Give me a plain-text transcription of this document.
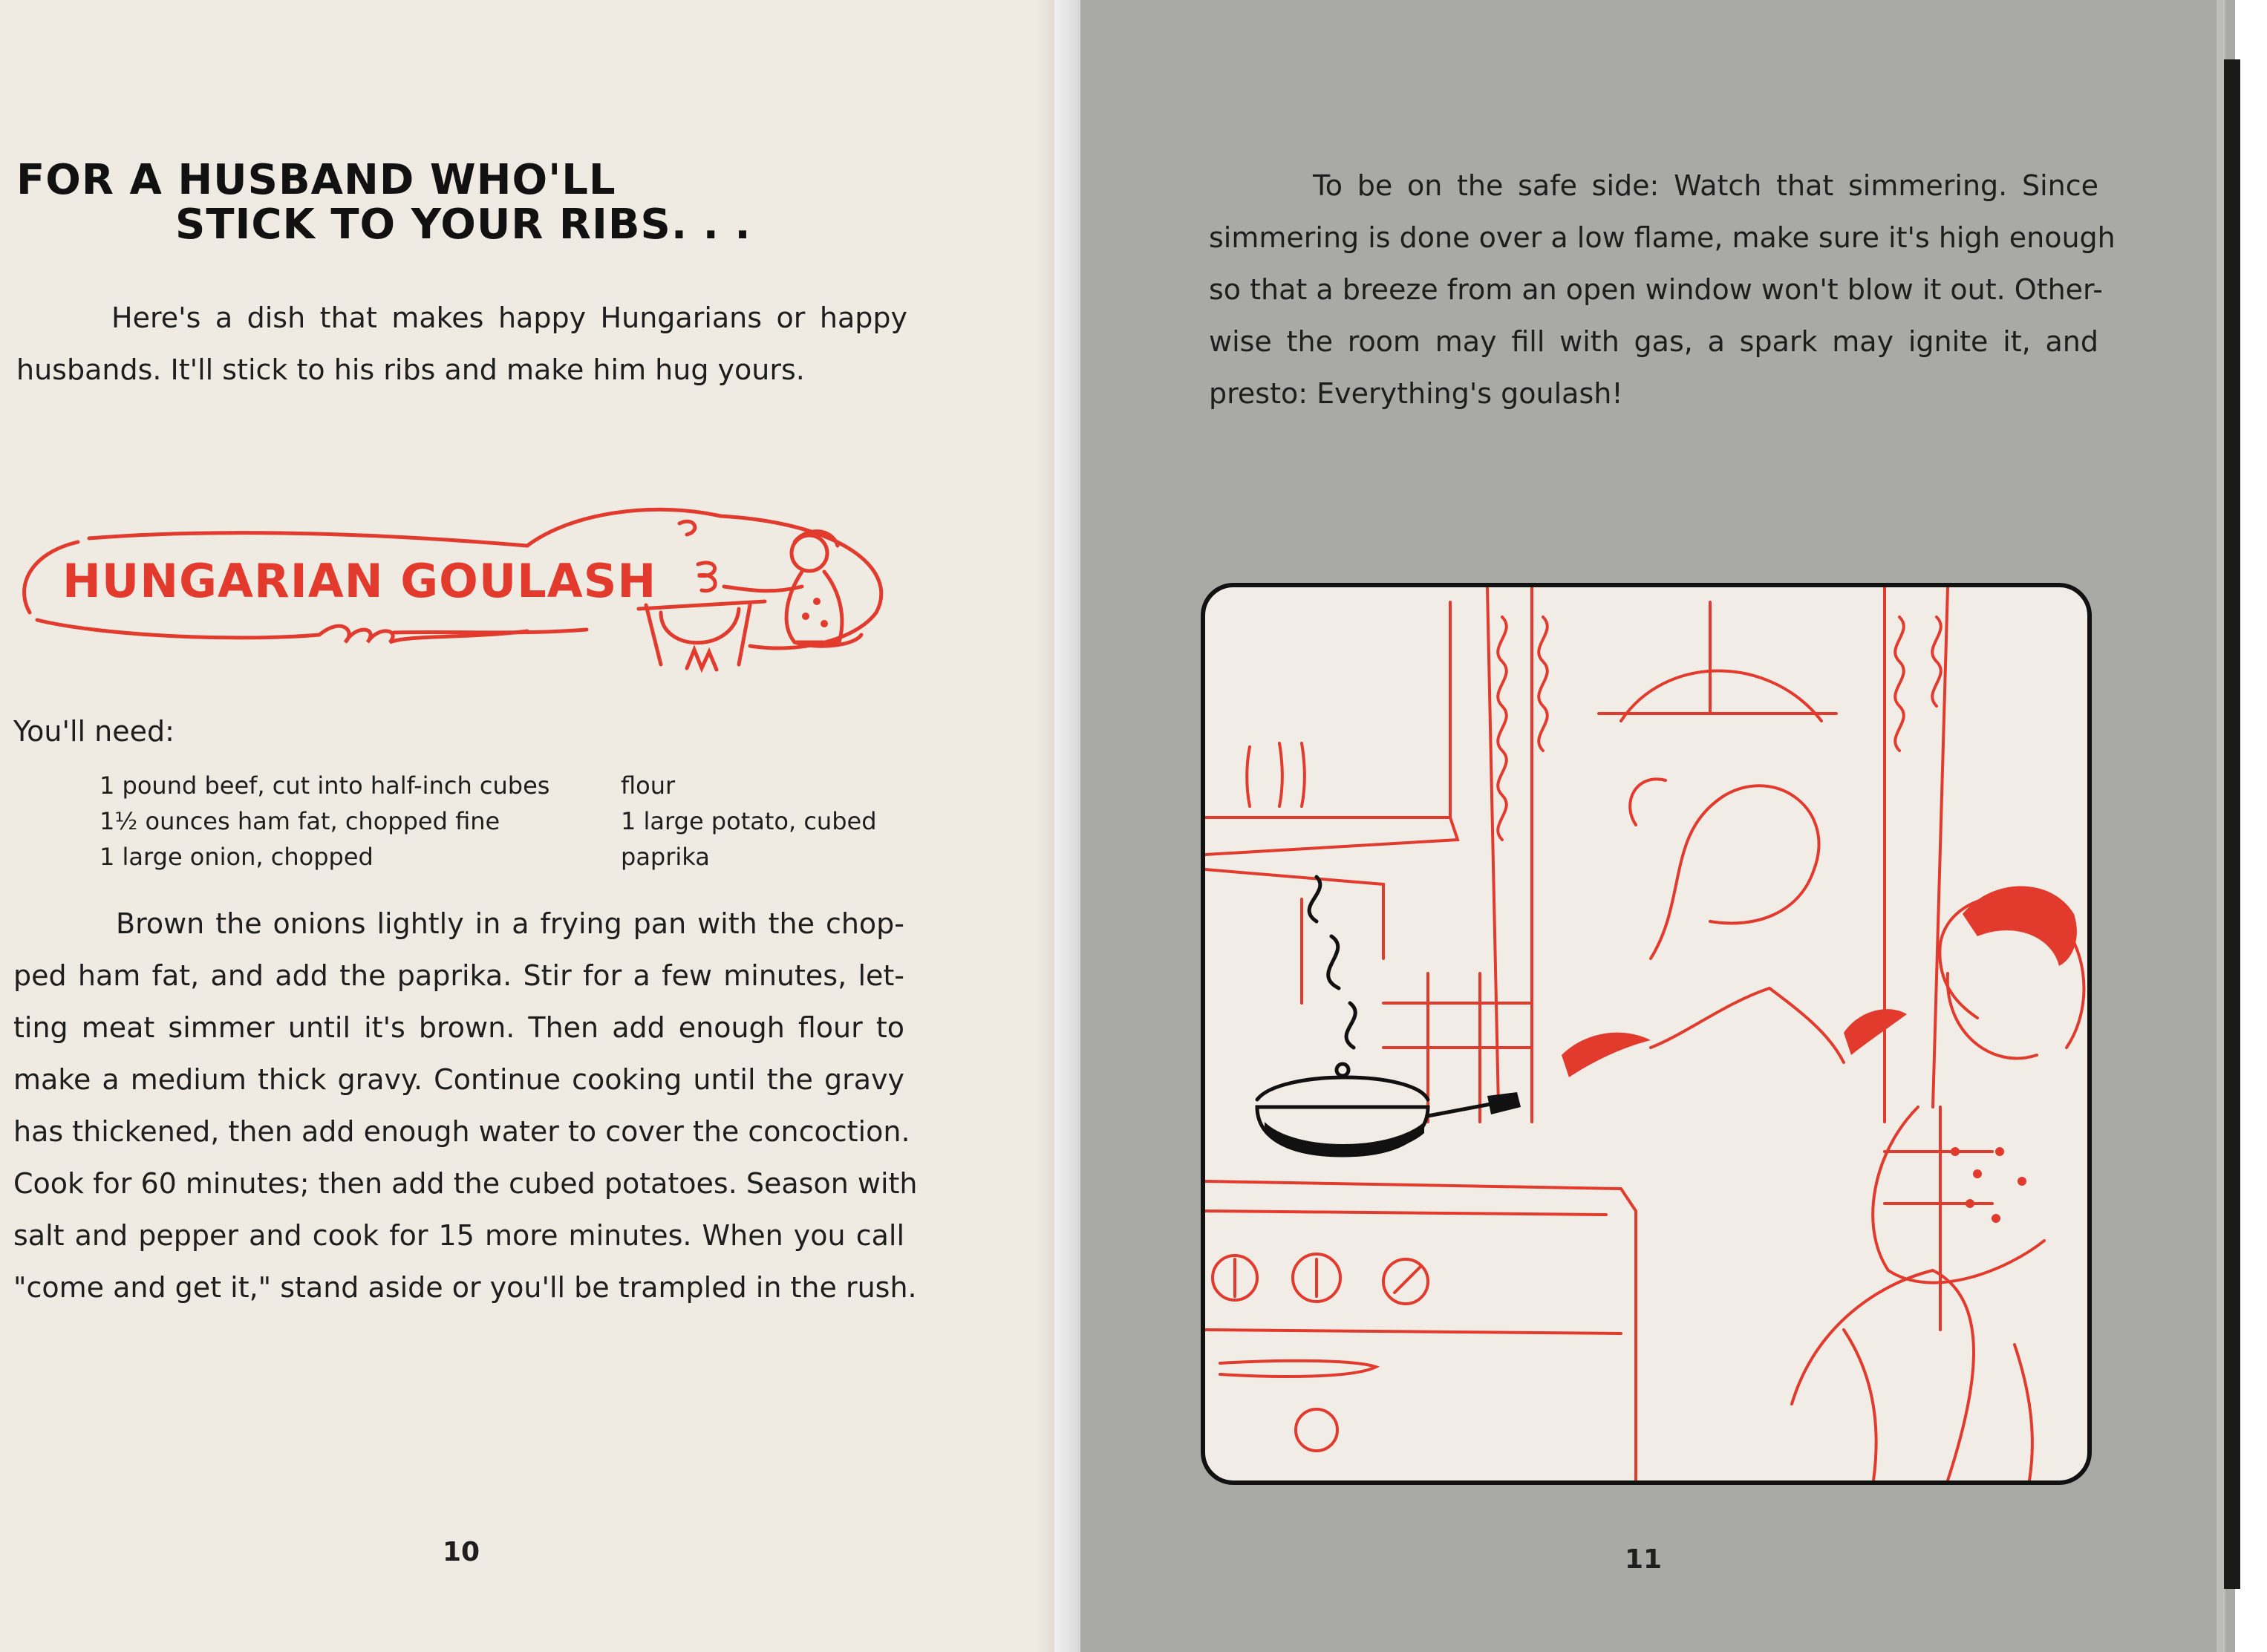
FOR A HUSBAND WHO'LL
STICK TO YOUR RIBS. . .
Here's a dish that makes happy Hungarians or happy
husbands. It'll stick to his ribs and make him hug yours.
HUNGARIAN GOULASH
You'll need:
1 pound beef, cut into half-inch cubes
1½ ounces ham fat, chopped fine
1 large onion, chopped
flour
1 large potato, cubed
paprika
Brown the onions lightly in a frying pan with the chop-
ped ham fat, and add the paprika. Stir for a few minutes, let-
ting meat simmer until it's brown. Then add enough flour to
make a medium thick gravy. Continue cooking until the gravy
has thickened, then add enough water to cover the concoction.
Cook for 60 minutes; then add the cubed potatoes. Season with
salt and pepper and cook for 15 more minutes. When you call
"come and get it," stand aside or you'll be trampled in the rush.
10
To be on the safe side: Watch that simmering. Since
simmering is done over a low flame, make sure it's high enough
so that a breeze from an open window won't blow it out. Other-
wise the room may fill with gas, a spark may ignite it, and
presto: Everything's goulash!
11
